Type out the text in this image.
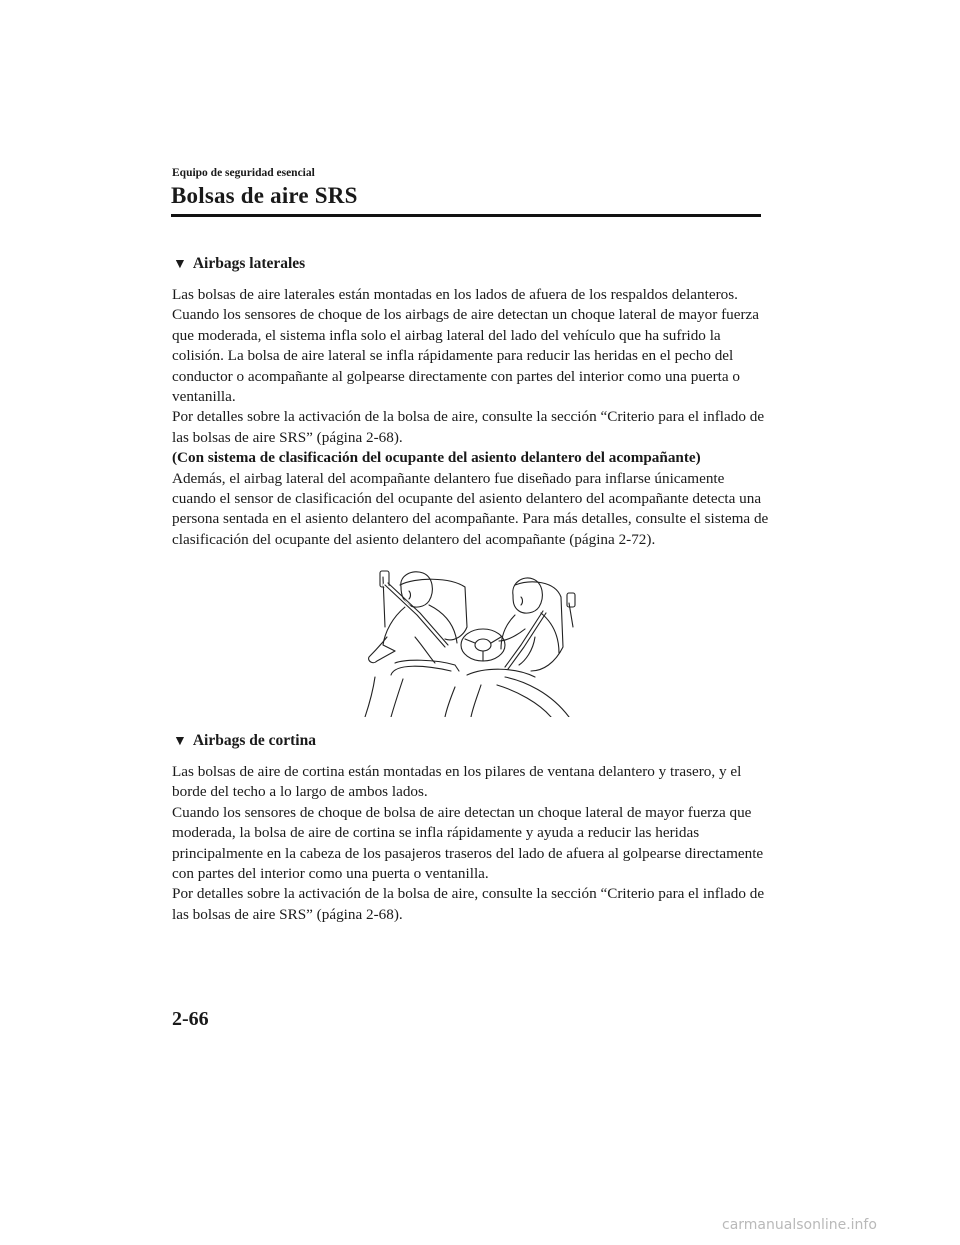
Equipo de seguridad esencial
Bolsas de aire SRS
▼ Airbags laterales

Las bolsas de aire laterales están montadas en los lados de afuera de los respaldos delanteros.

Cuando los sensores de choque de los airbags de aire detectan un choque lateral de mayor fuerza que moderada, el sistema infla solo el airbag lateral del lado del vehículo que ha sufrido la colisión. La bolsa de aire lateral se infla rápidamente para reducir las heridas en el pecho del conductor o acompañante al golpearse directamente con partes del interior como una puerta o ventanilla.

Por detalles sobre la activación de la bolsa de aire, consulte la sección “Criterio para el inflado de las bolsas de aire SRS” (página 2-68).

(Con sistema de clasificación del ocupante del asiento delantero del acompañante)

Además, el airbag lateral del acompañante delantero fue diseñado para inflarse únicamente cuando el sensor de clasificación del ocupante del asiento delantero del acompañante detecta una persona sentada en el asiento delantero del acompañante. Para más detalles, consulte el sistema de clasificación del ocupante del asiento delantero del acompañante (página 2-72).

▼ Airbags de cortina

Las bolsas de aire de cortina están montadas en los pilares de ventana delantero y trasero, y el borde del techo a lo largo de ambos lados.

Cuando los sensores de choque de bolsa de aire detectan un choque lateral de mayor fuerza que moderada, la bolsa de aire de cortina se infla rápidamente y ayuda a reducir las heridas principalmente en la cabeza de los pasajeros traseros del lado de afuera al golpearse directamente con partes del interior como una puerta o ventanilla.

Por detalles sobre la activación de la bolsa de aire, consulte la sección “Criterio para el inflado de las bolsas de aire SRS” (página 2-68).

2-66
carmanualsonline.info
